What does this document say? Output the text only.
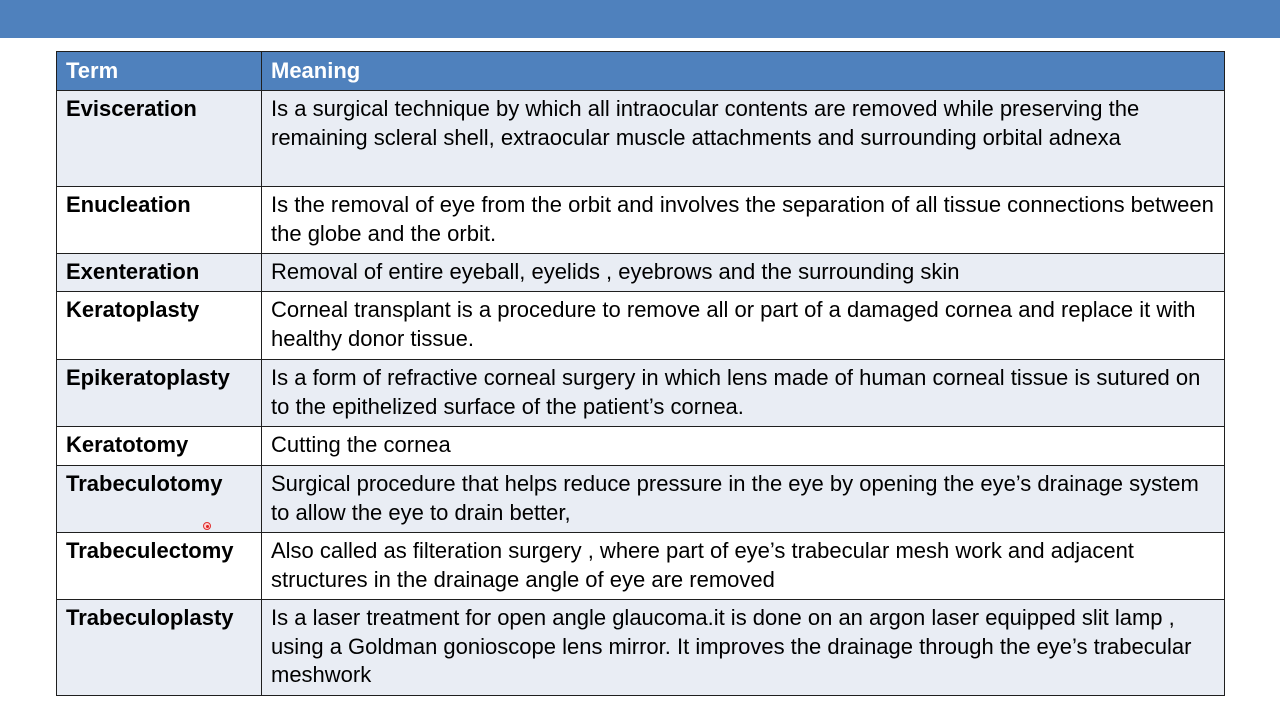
Term	Meaning
Evisceration	Is a surgical technique by which all intraocular contents are removed while preserving the remaining scleral shell, extraocular muscle attachments and surrounding orbital adnexa
Enucleation	Is the removal of eye from the orbit and involves the separation of all tissue connections between the globe and the orbit.
Exenteration	Removal of entire eyeball, eyelids , eyebrows and the surrounding skin
Keratoplasty	Corneal transplant is a procedure to remove all or part of a damaged cornea and replace it with healthy donor tissue.
Epikeratoplasty	Is a form of refractive corneal surgery in which lens made of human corneal tissue is sutured on to the epithelized surface of the patient’s cornea.
Keratotomy	Cutting the cornea
Trabeculotomy	Surgical procedure that helps reduce pressure in the eye by opening the eye’s drainage system to allow the eye to drain better,
Trabeculectomy	Also called as filteration surgery , where part of eye’s trabecular mesh work and adjacent structures in the drainage angle of eye are removed
Trabeculoplasty	Is a laser treatment for open angle glaucoma.it is done on an argon laser equipped slit lamp , using a Goldman gonioscope lens mirror. It improves the drainage through the eye’s trabecular meshwork
